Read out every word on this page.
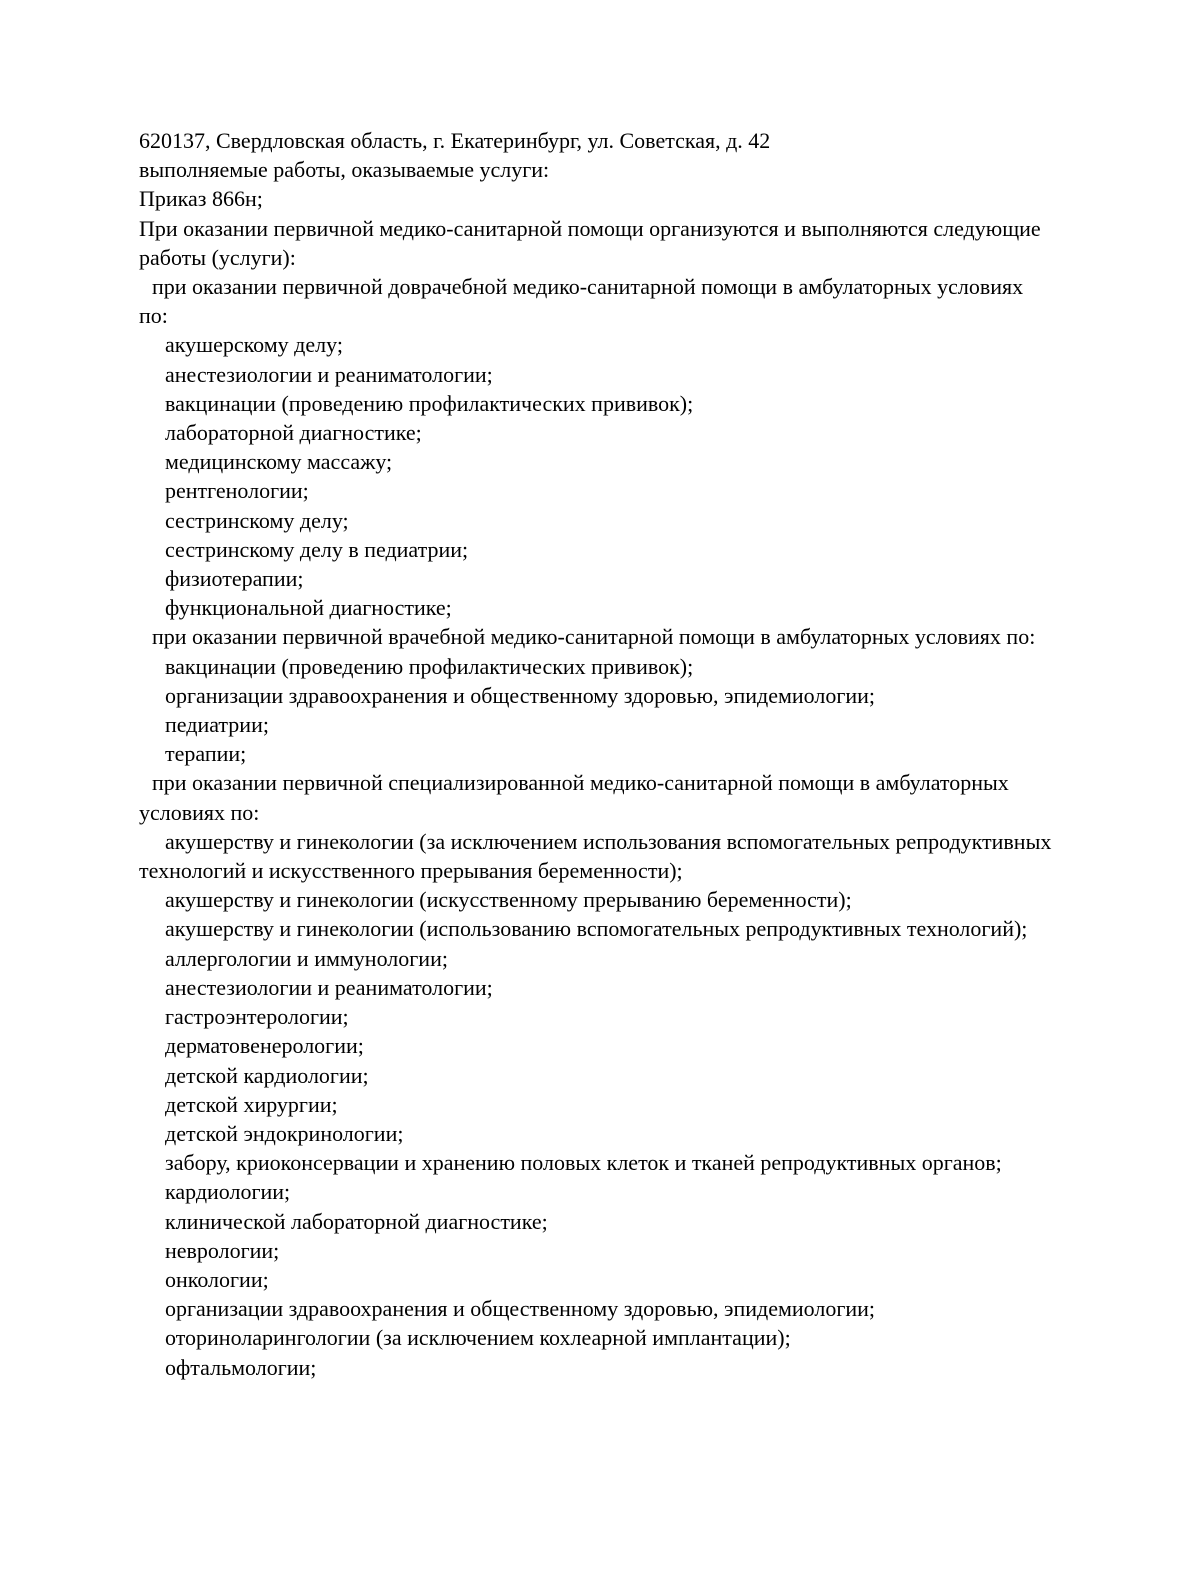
620137, Свердловская область, г. Екатеринбург, ул. Советская, д. 42
выполняемые работы, оказываемые услуги:
Приказ 866н;
При оказании первичной медико-санитарной помощи организуются и выполняются следующие
работы (услуги):
при оказании первичной доврачебной медико-санитарной помощи в амбулаторных условиях
по:
акушерскому делу;
анестезиологии и реаниматологии;
вакцинации (проведению профилактических прививок);
лабораторной диагностике;
медицинскому массажу;
рентгенологии;
сестринскому делу;
сестринскому делу в педиатрии;
физиотерапии;
функциональной диагностике;
при оказании первичной врачебной медико-санитарной помощи в амбулаторных условиях по:
вакцинации (проведению профилактических прививок);
организации здравоохранения и общественному здоровью, эпидемиологии;
педиатрии;
терапии;
при оказании первичной специализированной медико-санитарной помощи в амбулаторных
условиях по:
акушерству и гинекологии (за исключением использования вспомогательных репродуктивных
технологий и искусственного прерывания беременности);
акушерству и гинекологии (искусственному прерыванию беременности);
акушерству и гинекологии (использованию вспомогательных репродуктивных технологий);
аллергологии и иммунологии;
анестезиологии и реаниматологии;
гастроэнтерологии;
дерматовенерологии;
детской кардиологии;
детской хирургии;
детской эндокринологии;
забору, криоконсервации и хранению половых клеток и тканей репродуктивных органов;
кардиологии;
клинической лабораторной диагностике;
неврологии;
онкологии;
организации здравоохранения и общественному здоровью, эпидемиологии;
оториноларингологии (за исключением кохлеарной имплантации);
офтальмологии;
